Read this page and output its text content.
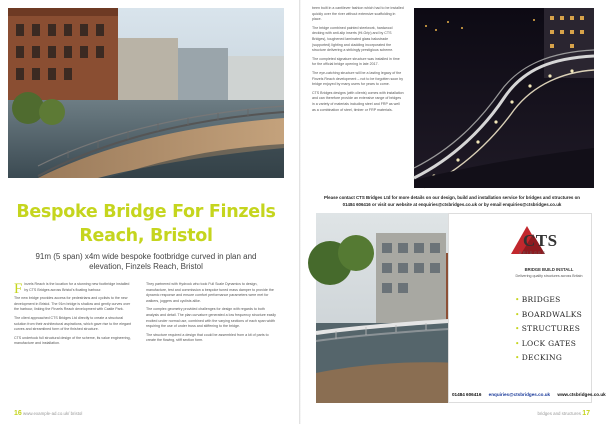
Bespoke Bridge For Finzels
Reach, Bristol
91m (5 span) x4m wide bespoke footbridge curved in plan and
elevation, Finzels Reach, Bristol

Finzels Reach is the location for a stunning new footbridge installed by CTS Bridges across Bristol's floating harbour.

The new bridge provides access for pedestrians and cyclists to the new development in Bristol. The 91m bridge is shallow and gently curves over the harbour, linking the Finzels Reach development with Castle Park.

The client approached CTS Bridges Ltd directly to create a structural solution from their architectural aspirations, which gave rise to the elegant curves and streamlined form of the finished structure.

CTS undertook full structural design of the scheme, its value engineering, manufacture and installation.

They partnered with Hydrock who took Full Scale Dynamics to design, manufacture, test and commission a bespoke tuned mass damper to provide the dynamic response and ensure comfort performance parameters were met for walkers, joggers and cyclists alike.

The complex geometry provided challenges for design with regards to both analysis and detail. The plan curvature generated a low frequency structure easily excited under normal use, combined with the varying sections of each span width requiring the use of under truss and stiffening to the bridge.

The structure required a design that could be assembled from a kit of parts to create the flowing, stiff section form.

16 www.example-ad.co.uk/ bristol

been built in a cantilever fashion which had to be installed quickly over the river without extensive scaffolding in place.

The bridge combined painted steelwork, hardwood decking with anti-slip inserts (Hi-Grip) and by CTS Bridges), toughened laminated glass balustrade (supported) lighting and cladding incorporated the structure delivering a strikingly prestigious scheme.

The completed signature structure was installed in time for the official bridge opening in late 2017.

The eye-catching structure will be a lasting legacy of the Finzels Reach development – not to be forgotten soon by bridge enjoyed by many users for years to come.

CTS Bridges designs (with clients) comes with installation and can therefore provide an extensive range of bridges in a variety of materials including steel and FRP as well as a combination of steel, timber or FRP materials.

Please contact CTS Bridges Ltd for more details on our design, build and installation service for bridges and structures on
01484 606416 or visit our website at enquiries@ctsbridges.co.uk or by email enquiries@ctsbridges.co.uk
CTS
BRIDGES
BRIDGE BUILD INSTALL
Delivering quality structures across Britain
• BRIDGES
• BOARDWALKS
• STRUCTURES
• LOCK GATES
• DECKING
01484 606416 enquiries@ctsbridges.co.uk www.ctsbridges.co.uk
bridges and structures 17
